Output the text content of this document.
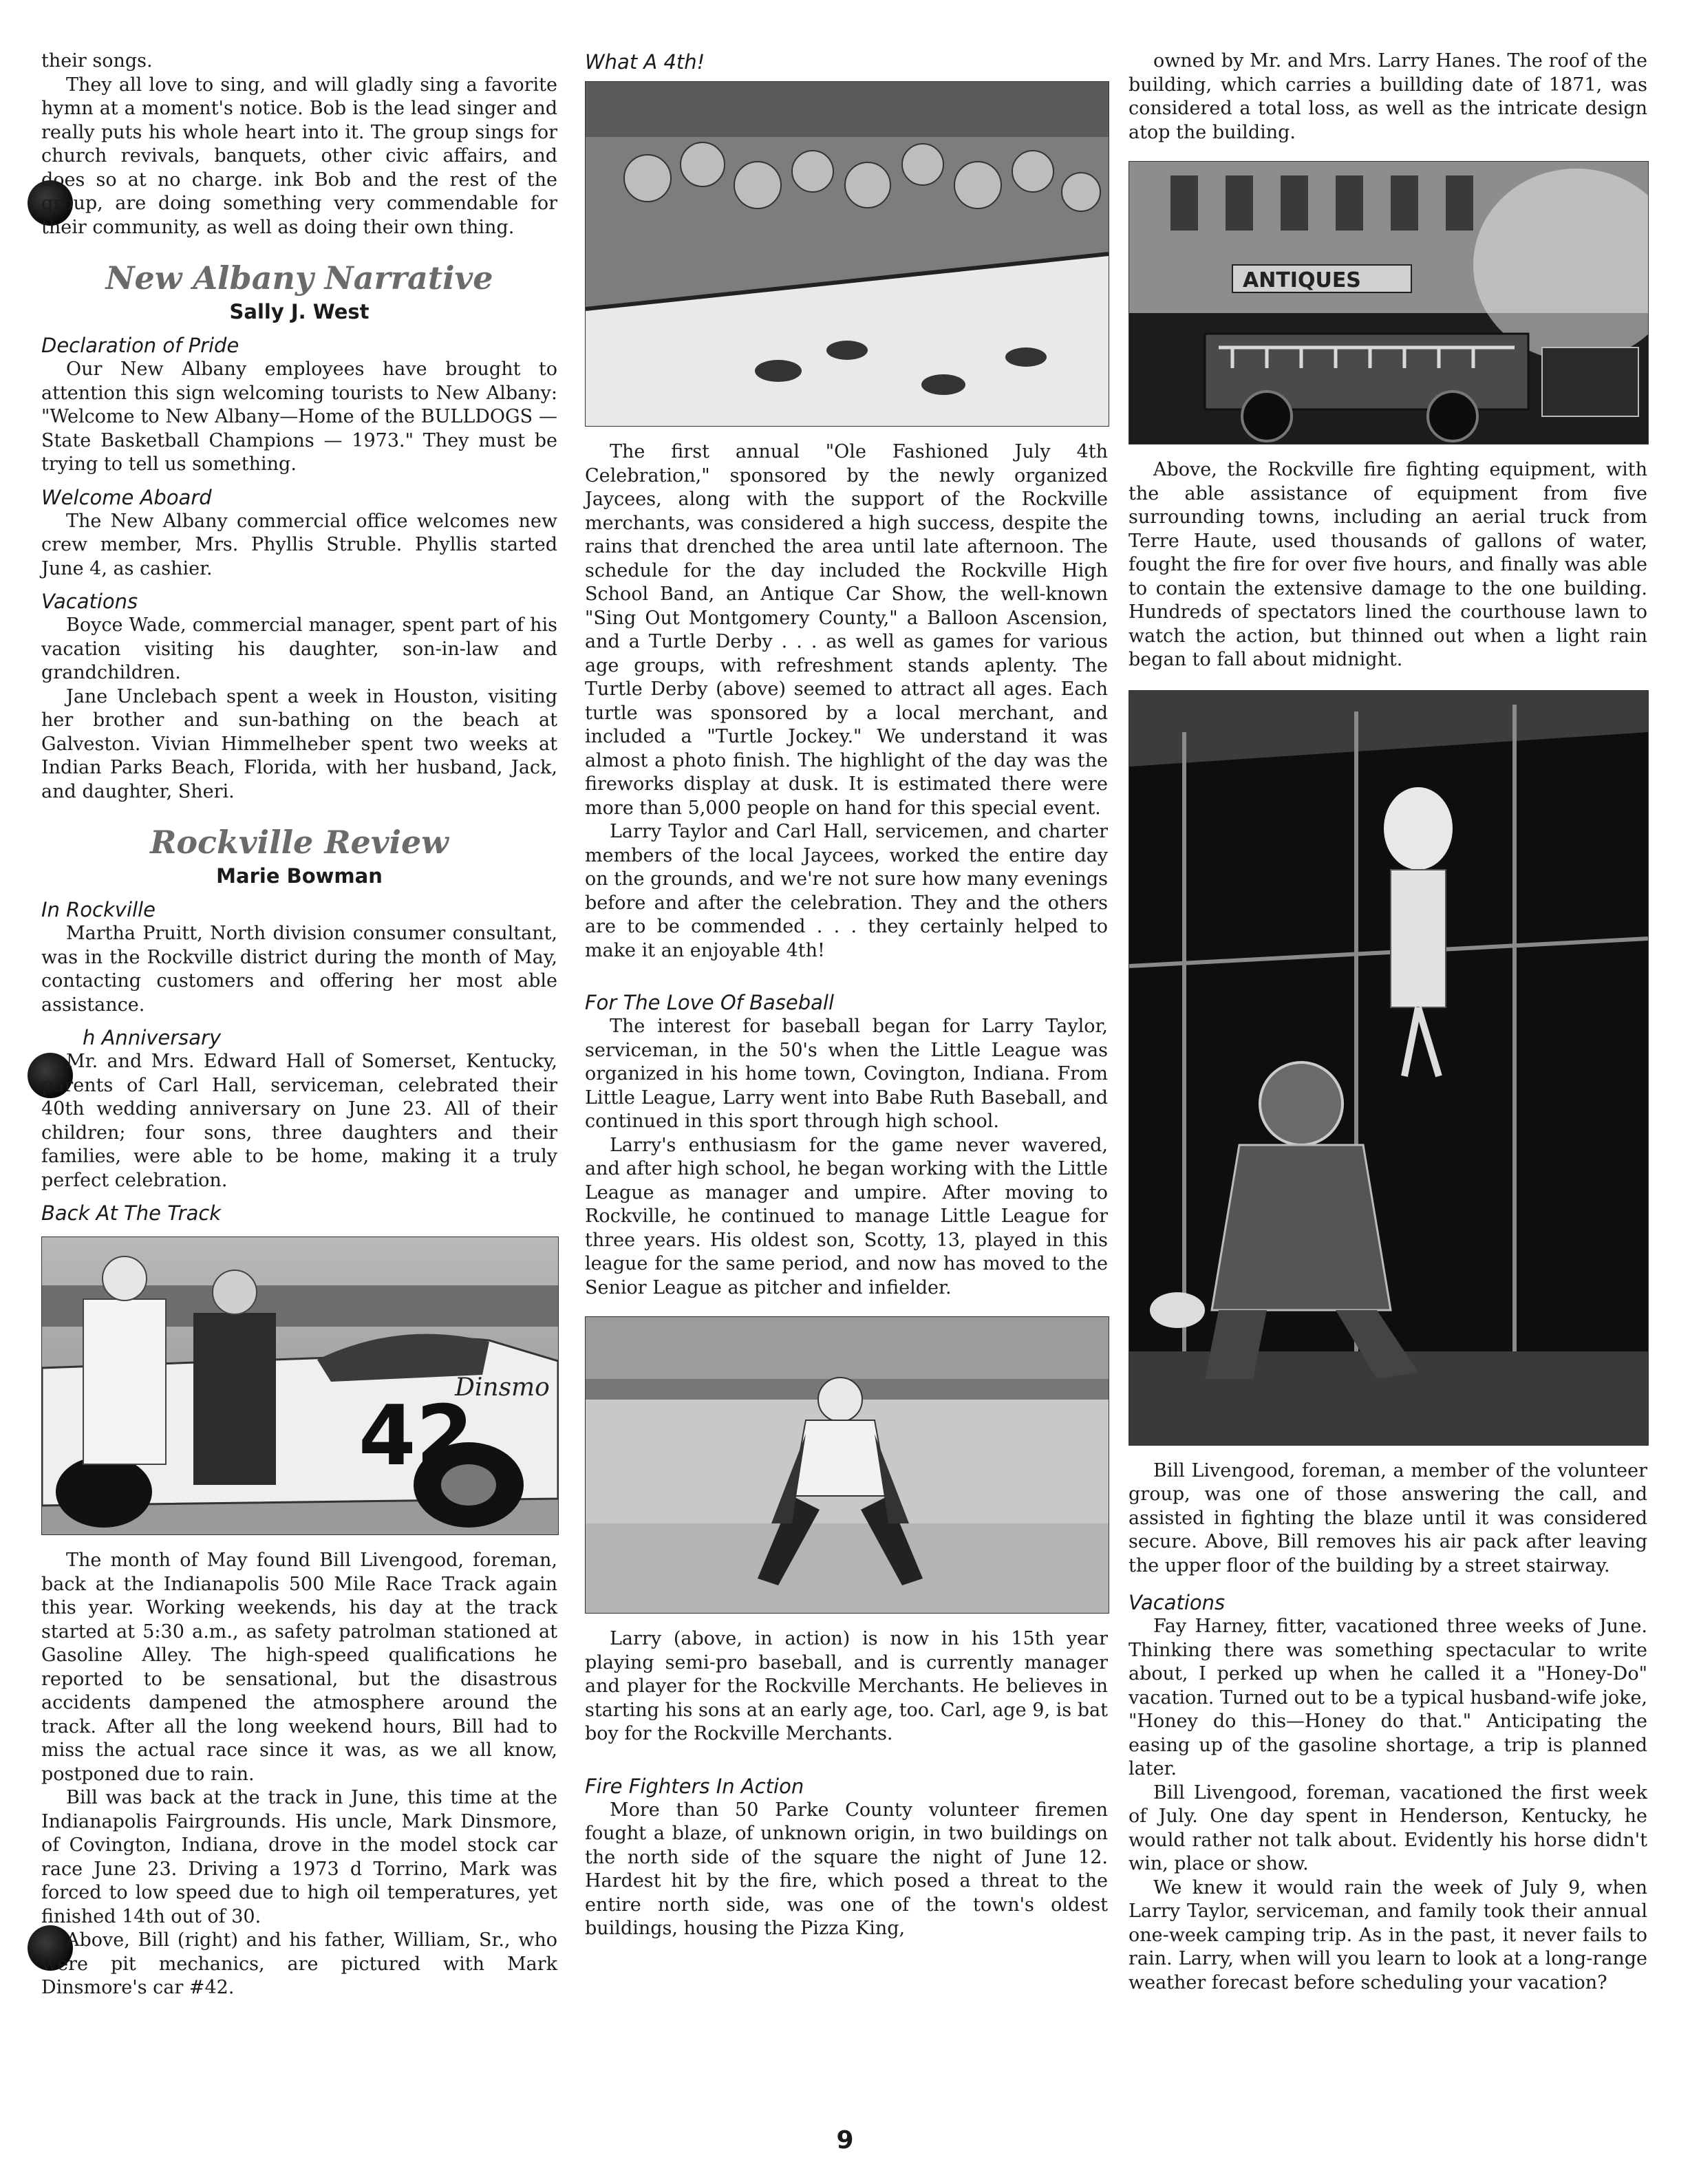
their songs.

They all love to sing, and will gladly sing a favorite hymn at a moment's notice. Bob is the lead singer and really puts his whole heart into it. The group sings for church revivals, banquets, other civic affairs, and does so at no charge. ink Bob and the rest of the group, are doing something very commendable for their community, as well as doing their own thing.

New Albany Narrative
Sally J. West
Declaration of Pride

Our New Albany employees have brought to attention this sign welcoming tourists to New Albany: "Welcome to New Albany—Home of the BULLDOGS — State Basketball Champions — 1973." They must be trying to tell us something.

Welcome Aboard

The New Albany commercial office welcomes new crew member, Mrs. Phyllis Struble. Phyllis started June 4, as cashier.

Vacations

Boyce Wade, commercial manager, spent part of his vacation visiting his daughter, son-in-law and grandchildren.

Jane Unclebach spent a week in Houston, visiting her brother and sun-bathing on the beach at Galveston. Vivian Himmelheber spent two weeks at Indian Parks Beach, Florida, with her husband, Jack, and daughter, Sheri.

Rockville Review
Marie Bowman
In Rockville

Martha Pruitt, North division consumer consultant, was in the Rockville district during the month of May, contacting customers and offering her most able assistance.

h Anniversary

Mr. and Mrs. Edward Hall of Somerset, Kentucky, parents of Carl Hall, serviceman, celebrated their 40th wedding anniversary on June 23. All of their children; four sons, three daughters and their families, were able to be home, making it a truly perfect celebration.

Back At The Track
42
Dinsmo

The month of May found Bill Livengood, foreman, back at the Indianapolis 500 Mile Race Track again this year. Working weekends, his day at the track started at 5:30 a.m., as safety patrolman stationed at Gasoline Alley. The high-speed qualifications he reported to be sensational, but the disastrous accidents dampened the atmosphere around the track. After all the long weekend hours, Bill had to miss the actual race since it was, as we all know, postponed due to rain.

Bill was back at the track in June, this time at the Indianapolis Fairgrounds. His uncle, Mark Dinsmore, of Covington, Indiana, drove in the model stock car race June 23. Driving a 1973 d Torrino, Mark was forced to low speed due to high oil temperatures, yet finished 14th out of 30.

Above, Bill (right) and his father, William, Sr., who were pit mechanics, are pictured with Mark Dinsmore's car #42.

What A 4th!

The first annual "Ole Fashioned July 4th Celebration," sponsored by the newly organized Jaycees, along with the support of the Rockville merchants, was considered a high success, despite the rains that drenched the area until late afternoon. The schedule for the day included the Rockville High School Band, an Antique Car Show, the well-known "Sing Out Montgomery County," a Balloon Ascension, and a Turtle Derby . . . as well as games for various age groups, with refreshment stands aplenty. The Turtle Derby (above) seemed to attract all ages. Each turtle was sponsored by a local merchant, and included a "Turtle Jockey." We understand it was almost a photo finish. The highlight of the day was the fireworks display at dusk. It is estimated there were more than 5,000 people on hand for this special event.

Larry Taylor and Carl Hall, servicemen, and charter members of the local Jaycees, worked the entire day on the grounds, and we're not sure how many evenings before and after the celebration. They and the others are to be commended . . . they certainly helped to make it an enjoyable 4th!

For The Love Of Baseball

The interest for baseball began for Larry Taylor, serviceman, in the 50's when the Little League was organized in his home town, Covington, Indiana. From Little League, Larry went into Babe Ruth Baseball, and continued in this sport through high school.

Larry's enthusiasm for the game never wavered, and after high school, he began working with the Little League as manager and umpire. After moving to Rockville, he continued to manage Little League for three years. His oldest son, Scotty, 13, played in this league for the same period, and now has moved to the Senior League as pitcher and infielder.

Larry (above, in action) is now in his 15th year playing semi-pro baseball, and is currently manager and player for the Rockville Merchants. He believes in starting his sons at an early age, too. Carl, age 9, is bat boy for the Rockville Merchants.

Fire Fighters In Action

More than 50 Parke County volunteer firemen fought a blaze, of unknown origin, in two buildings on the north side of the square the night of June 12. Hardest hit by the fire, which posed a threat to the entire north side, was one of the town's oldest buildings, housing the Pizza King,

owned by Mr. and Mrs. Larry Hanes. The roof of the building, which carries a buillding date of 1871, was considered a total loss, as well as the intricate design atop the building.

ANTIQUES

Above, the Rockville fire fighting equipment, with the able assistance of equipment from five surrounding towns, including an aerial truck from Terre Haute, used thousands of gallons of water, fought the fire for over five hours, and finally was able to contain the extensive damage to the one building. Hundreds of spectators lined the courthouse lawn to watch the action, but thinned out when a light rain began to fall about midnight.

Bill Livengood, foreman, a member of the volunteer group, was one of those answering the call, and assisted in fighting the blaze until it was considered secure. Above, Bill removes his air pack after leaving the upper floor of the building by a street stairway.

Vacations

Fay Harney, fitter, vacationed three weeks of June. Thinking there was something spectacular to write about, I perked up when he called it a "Honey-Do" vacation. Turned out to be a typical husband-wife joke, "Honey do this—Honey do that." Anticipating the easing up of the gasoline shortage, a trip is planned later.

Bill Livengood, foreman, vacationed the first week of July. One day spent in Henderson, Kentucky, he would rather not talk about. Evidently his horse didn't win, place or show.

We knew it would rain the week of July 9, when Larry Taylor, serviceman, and family took their annual one-week camping trip. As in the past, it never fails to rain. Larry, when will you learn to look at a long-range weather forecast before scheduling your vacation?

9
